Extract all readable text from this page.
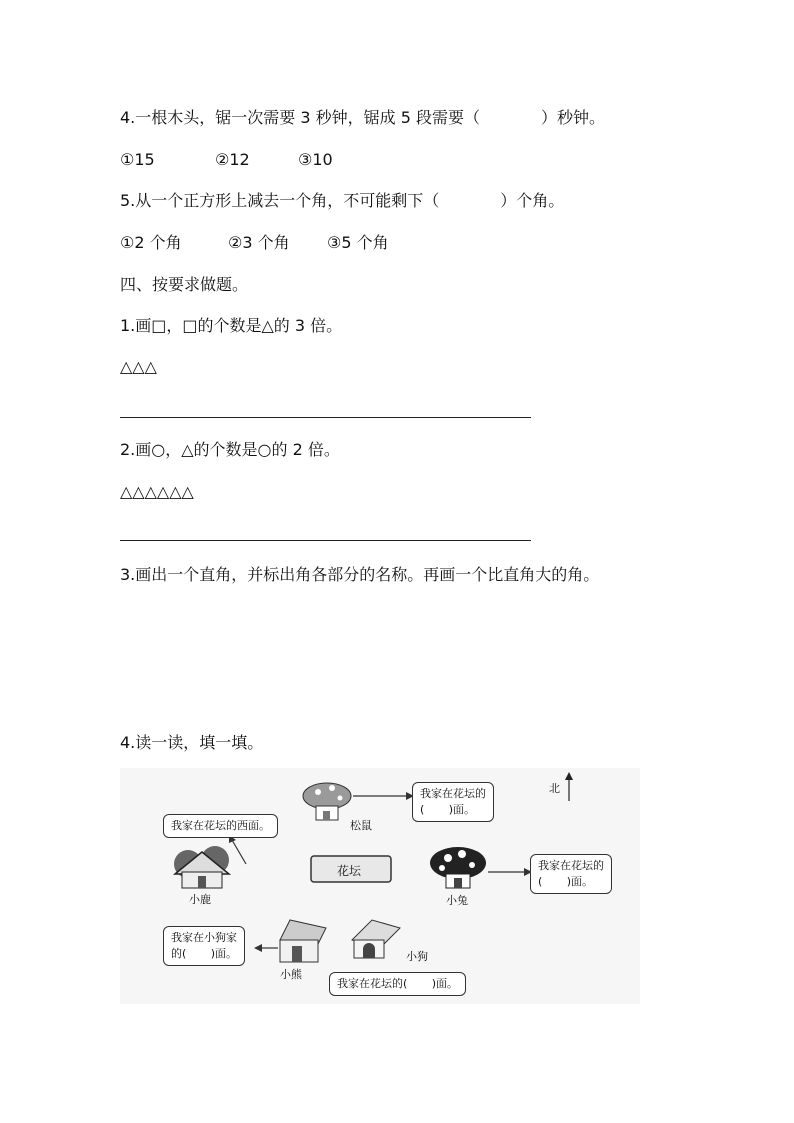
4.一根木头，锯一次需要 3 秒钟，锯成 5 段需要（            ）秒钟。
①15	②12	③10
5.从一个正方形上减去一个角，不可能剩下（            ）个角。
①2 个角	②3 个角 ③5 个角
四、按要求做题。
1.画□，□的个数是△的 3 倍。
△△△
2.画○，△的个数是○的 2 倍。
△△△△△△
3.画出一个直角，并标出角各部分的名称。再画一个比直角大的角。
4.读一读，填一填。
我家在花坛的
(       )面。
松鼠
北
我家在花坛的西面。
小鹿
花坛	我家在花坛的
(       )面。
小兔
我家在小狗家
的(       )面。
小熊
小狗
我家在花坛的(       )面。
